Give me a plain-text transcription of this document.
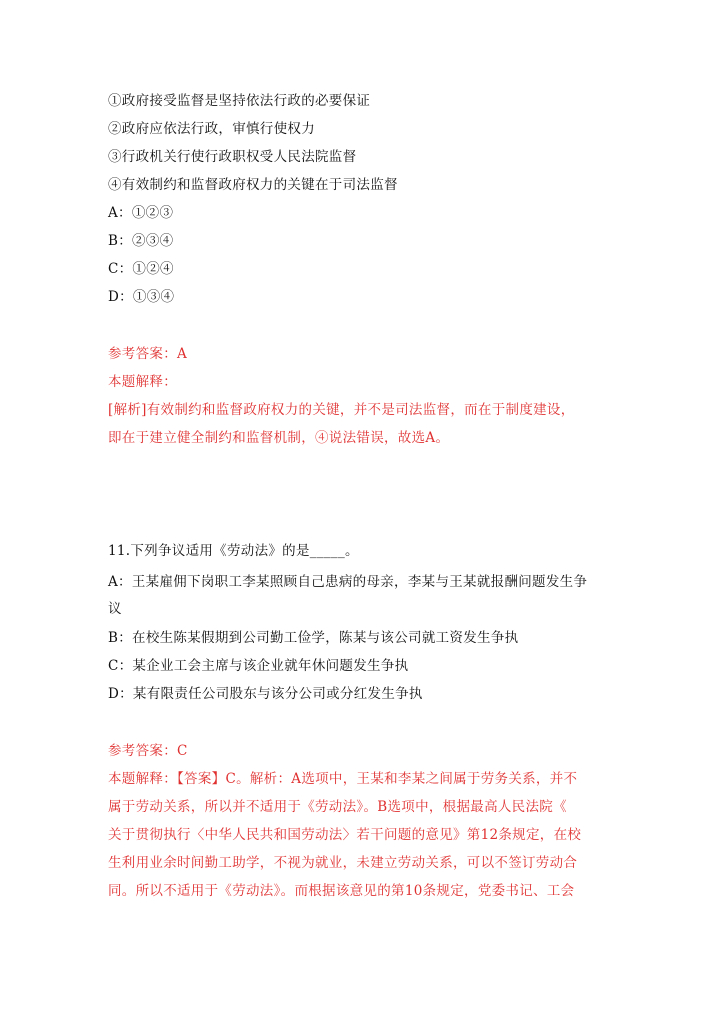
①政府接受监督是坚持依法行政的必要保证
②政府应依法行政，审慎行使权力
③行政机关行使行政职权受人民法院监督
④有效制约和监督政府权力的关键在于司法监督
A：①②③
B：②③④
C：①②④
D：①③④
参考答案：A
本题解释：
[解析]有效制约和监督政府权力的关键，并不是司法监督，而在于制度建设，
即在于建立健全制约和监督机制，④说法错误，故选A。
11.下列争议适用《劳动法》的是_____。
A：王某雇佣下岗职工李某照顾自己患病的母亲，李某与王某就报酬问题发生争
议
B：在校生陈某假期到公司勤工俭学，陈某与该公司就工资发生争执
C：某企业工会主席与该企业就年休问题发生争执
D：某有限责任公司股东与该分公司或分红发生争执
参考答案：C
本题解释：【答案】C。解析：A选项中，王某和李某之间属于劳务关系，并不
属于劳动关系，所以并不适用于《劳动法》。B选项中，根据最高人民法院《
关于贯彻执行〈中华人民共和国劳动法〉若干问题的意见》第12条规定，在校
生利用业余时间勤工助学，不视为就业，未建立劳动关系，可以不签订劳动合
同。所以不适用于《劳动法》。而根据该意见的第10条规定，党委书记、工会
